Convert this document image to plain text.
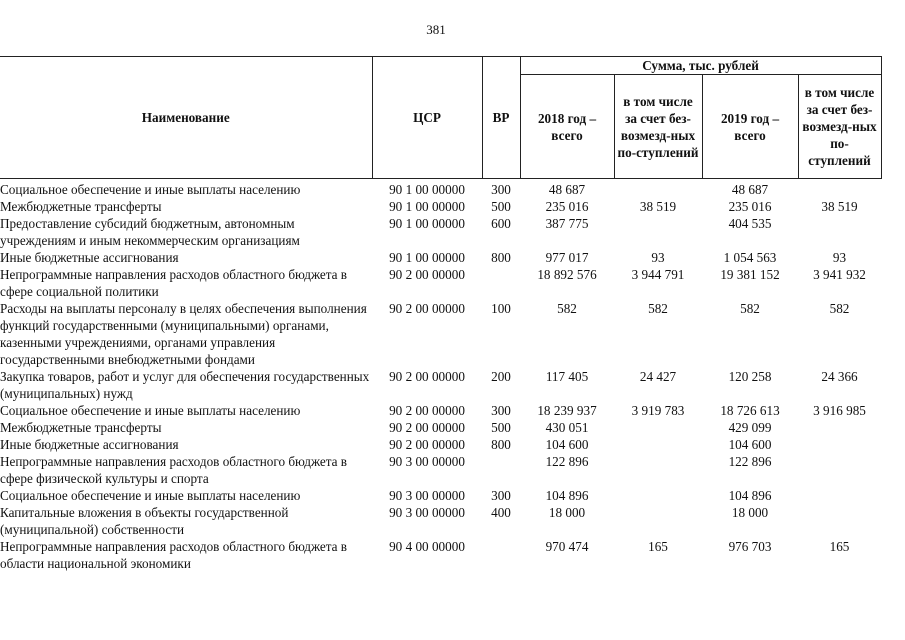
381
Наименование	ЦСР	ВР	Сумма, тыс. рублей			
			2018 год – всего	в том числе за счет без-возмезд-ных по-ступлений	2019 год – всего	в том числе за счет без-возмезд-ных по-ступлений
Социальное обеспечение и иные выплаты населению	90 1 00 00000	300	48 687		48 687	
Межбюджетные трансферты	90 1 00 00000	500	235 016	38 519	235 016	38 519
Предоставление субсидий бюджетным, автономным учреждениям и иным некоммерческим организациям	90 1 00 00000	600	387 775		404 535	
Иные бюджетные ассигнования	90 1 00 00000	800	977 017	93	1 054 563	93
Непрограммные направления расходов областного бюджета в сфере социальной политики	90 2 00 00000		18 892 576	3 944 791	19 381 152	3 941 932
Расходы на выплаты персоналу в целях обеспечения выполнения функций государственными (муниципальными) органами, казенными учреждениями, органами управления государственными внебюджетными фондами	90 2 00 00000	100	582	582	582	582
Закупка товаров, работ и услуг для обеспечения государственных (муниципальных) нужд	90 2 00 00000	200	117 405	24 427	120 258	24 366
Социальное обеспечение и иные выплаты населению	90 2 00 00000	300	18 239 937	3 919 783	18 726 613	3 916 985
Межбюджетные трансферты	90 2 00 00000	500	430 051		429 099	
Иные бюджетные ассигнования	90 2 00 00000	800	104 600		104 600	
Непрограммные направления расходов областного бюджета в сфере физической культуры и спорта	90 3 00 00000		122 896		122 896	
Социальное обеспечение и иные выплаты населению	90 3 00 00000	300	104 896		104 896	
Капитальные вложения в объекты государственной (муниципальной) собственности	90 3 00 00000	400	18 000		18 000	
Непрограммные направления расходов областного бюджета в области национальной экономики	90 4 00 00000		970 474	165	976 703	165
